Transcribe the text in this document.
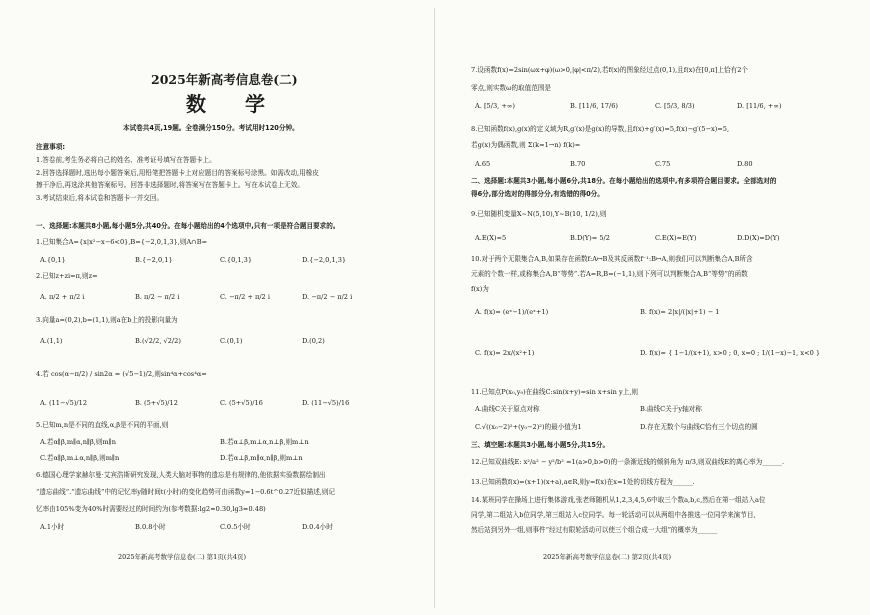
2025年新高考信息卷(二)
数 学
本试卷共4页,19题。全卷满分150分。考试用时120分钟。
注意事项:
1.答卷前,考生务必将自己的姓名、准考证号填写在答题卡上。
2.回答选择题时,选出每小题答案后,用铅笔把答题卡上对应题目的答案标号涂黑。如需改动,用橡皮
擦干净后,再选涂其他答案标号。回答非选择题时,将答案写在答题卡上。写在本试卷上无效。
3.考试结束后,将本试卷和答题卡一并交回。
一、选择题:本题共8小题,每小题5分,共40分。在每小题给出的4个选项中,只有一项是符合题目要求的。
1.已知集合A={x|x²−x−6<0},B={−2,0,1,3},则A∩B=
A.{0,1}	B.{−2,0,1}	C.{0,1,3}	D.{−2,0,1,3}
2.已知z+zi=π,则z=
A. π/2 + π/2 i	B. π/2 − π/2 i	C. −π/2 + π/2 i	D. −π/2 − π/2 i
3.向量a=(0,2),b=(1,1),则a在b上的投影向量为
A.(1,1)	B.(√2/2, √2/2)	C.(0,1)	D.(0,2)
4.若 cos(α−π/2) / sin2α = (√5−1)/2,则sin⁴α+cos⁴α=
A. (11−√5)/12	B. (5+√5)/12	C. (5+√5)/16	D. (11−√5)/16
5.已知m,n是不同的直线,α,β是不同的平面,则
A.若α∥β,m∥α,n∥β,则m∥n	B.若α⊥β,m⊥α,n⊥β,则m⊥n
C.若α∥β,m⊥α,n∥β,则m∥n	D.若α⊥β,m∥α,n∥β,则m⊥n
6.德国心理学家赫尔曼·艾宾浩斯研究发现,人类大脑对事物的遗忘是有规律的,他依据实验数据绘制出
“遗忘曲线”.“遗忘曲线”中的记忆率y随时间t(小时)的变化趋势可由函数y=1−0.6t^0.27近似描述,则记
忆率由105%变为40%时需要经过的时间约为(参考数据:lg2≈0.30,lg3≈0.48)
A.1小时	B.0.8小时	C.0.5小时	D.0.4小时
2025年新高考数学信息卷(二) 第1页(共4页)
7.设函数f(x)=2sin(ωx+φ)(ω>0,|φ|<π/2),若f(x)的图象经过点(0,1),且f(x)在[0,π]上恰有2个
零点,则实数ω的取值范围是
A. [5/3, +∞)	B. [11/6, 17/6)	C. [5/3, 8/3)	D. [11/6, +∞)
8.已知函数f(x),g(x)的定义域为R,g′(x)是g(x)的导数,且f(x)+g′(x)=5,f(x)−g′(5−x)=5,
若g(x)为偶函数,则 Σ(k=1→n) f(k)=
A.65	B.70	C.75	D.80
二、选择题:本题共3小题,每小题6分,共18分。在每小题给出的选项中,有多项符合题目要求。全部选对的
得6分,部分选对的得部分分,有选错的得0分。
9.已知随机变量X~N(5,10),Y~B(10, 1/2),则
A.E(X)=5	B.D(Y)= 5/2	C.E(X)=E(Y)	D.D(X)=D(Y)
10.对于两个无限集合A,B,如果存在函数f:A↦B及其反函数f⁻¹:B↦A,则我们可以判断集合A,B所含
元素的个数一样,或称集合A,B“等势”.若A=R,B=(−1,1),则下列可以判断集合A,B“等势”的函数
f(x)为
A. f(x)= (eˣ−1)/(eˣ+1)	B. f(x)= 2|x|/(|x|+1) − 1
C. f(x)= 2x/(x²+1)	D. f(x)= { 1−1/(x+1), x>0 ; 0, x=0 ; 1/(1−x)−1, x<0 }
11.已知点P(x₀,y₀)在曲线C:sin(x+y)=sin x+sin y上,则
A.曲线C关于原点对称	B.曲线C关于y轴对称
C.√((x₀−2)²+(y₀−2)²)的最小值为1	D.存在无数个与曲线C恰有三个切点的圆
三、填空题:本题共3小题,每小题5分,共15分。
12.已知双曲线E: x²/a² − y²/b² =1(a>0,b>0)的一条渐近线的倾斜角为 π/3,则双曲线E的离心率为______.
13.已知函数f(x)=(x+1)(x+a),a∈R,则y=f(x)在x=1处的切线方程为______.
14.某班同学在操场上进行集体游戏,张老师随机从1,2,3,4,5,6中取三个数a,b,c,然后在第一组站入a位
同学,第二组站入b位同学,第三组站入c位同学。每一轮活动可以从两组中各推选一位同学来演节目,
然后站到另外一组,则事件“经过有限轮活动可以使三个组合成一大组”的概率为______
2025年新高考数学信息卷(二) 第2页(共4页)
